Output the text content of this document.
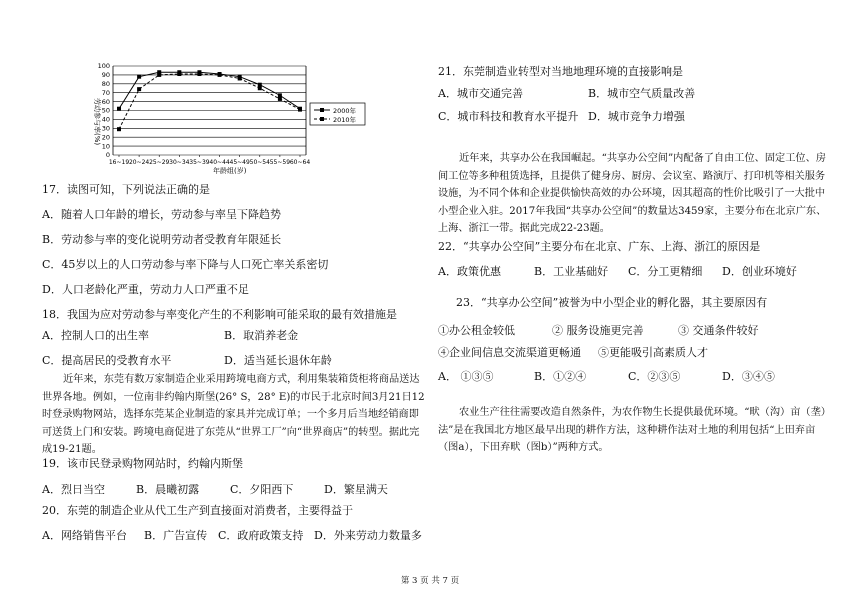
劳动参与率(%)
年龄组(岁)
0
10
20
30
40
50
60
70
80
90
100
16~19 20~24 25~29 30~34 35~39 40~44 45~49 50~54 55~59 60~64
2000年
2010年
17．读图可知，下列说法正确的是
A．随着人口年龄的增长，劳动参与率呈下降趋势
B．劳动参与率的变化说明劳动者受教育年限延长
C．45岁以上的人口劳动参与率下降与人口死亡率关系密切
D．人口老龄化严重，劳动力人口严重不足
18．我国为应对劳动参与率变化产生的不利影响可能采取的最有效措施是
A．控制人口的出生率	B．取消养老金
C．提高居民的受教育水平	D．适当延长退休年龄
近年来，东莞有数万家制造企业采用跨境电商方式，利用集装箱货柜将商品送达世界各地。例如，一位南非约翰内斯堡(26° S，28° E)的市民于北京时间3月21日12时登录购物网站，选择东莞某企业制造的家具并完成订单；一个多月后当地经销商即可送货上门和安装。跨境电商促进了东莞从“世界工厂”向“世界商店”的转型。据此完成19-21题。
19．该市民登录购物网站时，约翰内斯堡
A．烈日当空	B．晨曦初露	C．夕阳西下	D．繁星满天
20．东莞的制造企业从代工生产到直接面对消费者，主要得益于
A．网络销售平台 B．广告宣传 C．政府政策支持 D．外来劳动力数量多
21．东莞制造业转型对当地地理环境的直接影响是
A．城市交通完善	B．城市空气质量改善
C．城市科技和教育水平提升 D．城市竞争力增强
近年来，共享办公在我国崛起。“共享办公空间”内配备了自由工位、固定工位、房间工位等多种租赁选择，且提供了健身房、厨房、会议室、路演厅、打印机等相关服务设施，为不同个体和企业提供愉快高效的办公环境，因其超高的性价比吸引了一大批中小型企业入驻。2017年我国“共享办公空间”的数量达3459家，主要分布在北京广东、上海、浙江一带。据此完成22-23题。
22．“共享办公空间”主要分布在北京、广东、上海、浙江的原因是
A．政策优惠	B．工业基础好 C．分工更精细 D．创业环境好
23．“共享办公空间”被誉为中小型企业的孵化器，其主要原因有
①办公租金较低	② 服务设施更完善	③ 交通条件较好
④企业间信息交流渠道更畅通 ⑤更能吸引高素质人才
A． ①③⑤	B．①②④	C．②③⑤	D．③④⑤
农业生产往往需要改造自然条件，为农作物生长提供最优环境。“畎（沟）亩（垄）法”是在我国北方地区最早出现的耕作方法，这种耕作法对土地的利用包括“上田弃亩（图a），下田弃畎（图b）”两种方式。
第 3 页 共 7 页
